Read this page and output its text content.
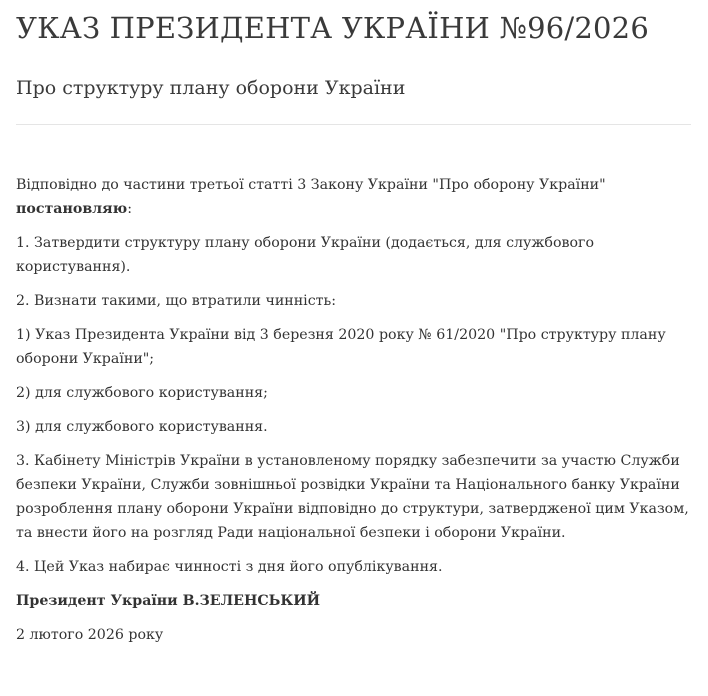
УКАЗ ПРЕЗИДЕНТА УКРАЇНИ №96/2026
Про структуру плану оборони України

Відповідно до частини третьої статті 3 Закону України "Про оборону України"
постановляю:

1. Затвердити структуру плану оборони України (додається, для службового користування).

2. Визнати такими, що втратили чинність:

1) Указ Президента України від 3 березня 2020 року № 61/2020 "Про структуру плану оборони України";

2) для службового користування;

3) для службового користування.

3. Кабінету Міністрів України в установленому порядку забезпечити за участю Служби безпеки України, Служби зовнішньої розвідки України та Національного банку України розроблення плану оборони України відповідно до структури, затвердженої цим Указом, та внести його на розгляд Ради національної безпеки і оборони України.

4. Цей Указ набирає чинності з дня його опублікування.

Президент України В.ЗЕЛЕНСЬКИЙ

2 лютого 2026 року
